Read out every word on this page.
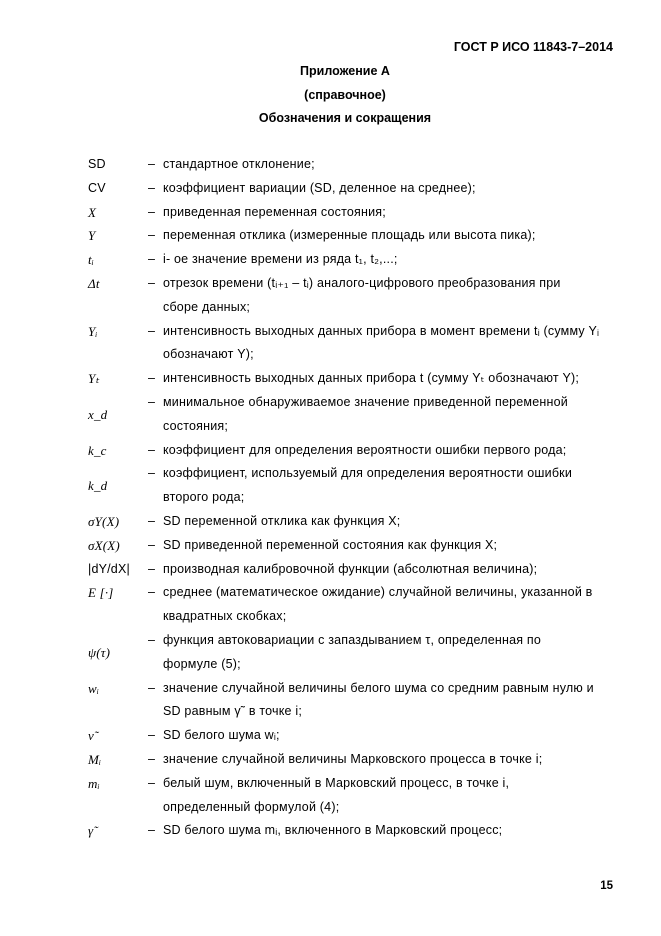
ГОСТ Р ИСО 11843-7–2014
Приложение А
(справочное)
Обозначения и сокращения
SD	– стандартное отклонение;
CV	– коэффициент вариации (SD, деленное на среднее);
X	– приведенная переменная состояния;
Y	– переменная отклика (измеренные площадь или высота пика);
tᵢ	– i- ое значение времени из ряда t₁, t₂,...;
Δt	– отрезок времени (tᵢ₊₁ – tᵢ) аналого-цифрового преобразования при
сборе данных;
Yᵢ	– интенсивность выходных данных прибора в момент времени tᵢ (сумму Yᵢ
обозначают Y);
Yₜ	– интенсивность выходных данных прибора t (сумму Yₜ обозначают Y);
x_d
– минимальное обнаруживаемое значение приведенной переменной
состояния;
k_c	– коэффициент для определения вероятности ошибки первого рода;
k_d
– коэффициент, используемый для определения вероятности ошибки
второго рода;
σY(X)	– SD переменной отклика как функция X;
σX(X)	– SD приведенной переменной состояния как функция X;
|dY/dX|	– производная калибровочной функции (абсолютная величина);
E [·]	– среднее (математическое ожидание) случайной величины, указанной в
квадратных скобках;
ψ(τ)
– функция автоковариации с запаздыванием τ, определенная по
формуле (5);
wᵢ	– значение случайной величины белого шума со средним равным нулю и
SD равным γ˜ в точке i;
ν˜	– SD белого шума wᵢ;
Mᵢ	– значение случайной величины Марковского процесса в точке i;
mᵢ	– белый шум, включенный в Марковский процесс, в точке i,
определенный формулой (4);
γ˜	– SD белого шума mᵢ, включенного в Марковский процесс;
15
